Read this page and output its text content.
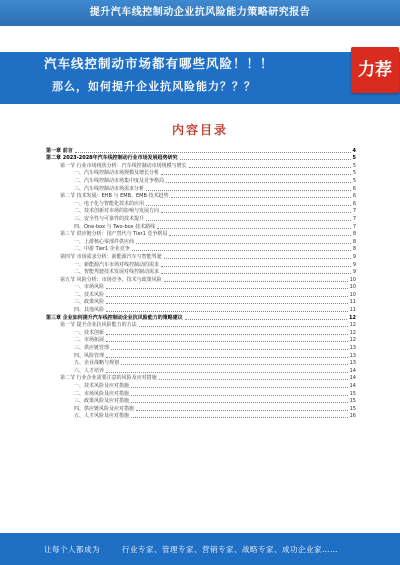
提升汽车线控制动企业抗风险能力策略研究报告
汽车线控制动市场都有哪些风险！！！
那么，如何提升企业抗风险能力？？？
力荐
内容目录
第一章 前言	4
第二章 2023-2028年汽车线控制动行业市场发展趋势研究	5
第一节 行业市场现状分析：汽车线控制动市场规模与增长	5
一、汽车线控制动市场规模及增长分析	5
二、汽车线控制动市场集中度及竞争格局	5
三、汽车线控制动市场需求分析	6
第二节 技术发展：EHB 与 EMB、EMB 技术趋势	6
一、电子化与智能化技术的应用	6
二、技术创新对市场的影响与发展方向	7
三、安全性与可靠性的技术提升	7
四、One-box 与 Two-box 技术路线	7
第三节 供应链分析：国产替代与 Tier1 竞争格局	8
一、上游核心零部件供应商	8
二、中游 Tier1 企业竞争	8
第四节 市场需求分析：新能源汽车与智能驾驶	9
一、新能源汽车市场对线控制动的需求	9
二、智能驾驶技术发展对线控制动需求	9
第五节 风险分析：市场竞争、技术与政策风险	10
一、市场风险	10
二、技术风险	10
三、政策风险	11
四、其他风险	11
第三章 企业如何提升汽车线控制动企业抗风险能力的策略建议	12
第一节 提升企业抗风险能力的方法	12
一、技术创新	12
二、市场拓展	12
三、供应链管理	13
四、风险管理	13
五、企业战略与规划	13
六、人才培养	14
第二节 行业企业需要注意的风险及应对措施	14
一、技术风险及应对措施	14
二、市场风险及应对措施	15
三、政策风险及应对措施	15
四、供应链风险及应对措施	15
五、人才风险及应对措施	16
让每个人都成为	行业专家、管理专家、营销专家、战略专家、成功企业家……
